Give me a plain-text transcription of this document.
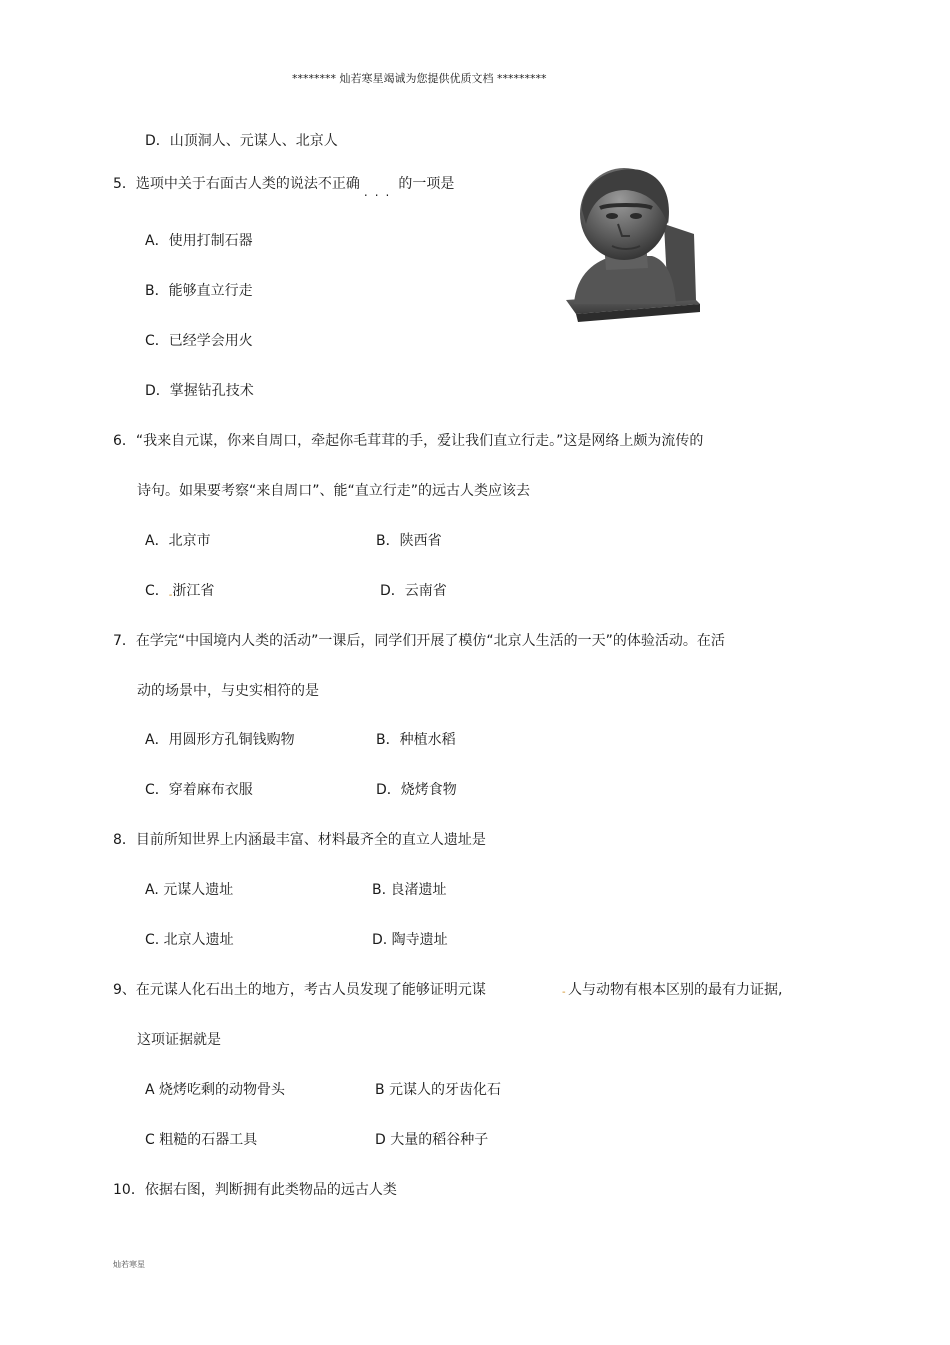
******** 灿若寒星竭诚为您提供优质文档 *********
D．山顶洞人、元谋人、北京人
5．选项中关于右面古人类的说法不正确 ... 的一项是
A．使用打制石器
B．能够直立行走
C．已经学会用火
D．掌握钻孔技术
6．“我来自元谋，你来自周口，牵起你毛茸茸的手，爱让我们直立行走。”这是网络上颇为流传的
诗句。如果要考察“来自周口”、能“直立行走”的远古人类应该去
A．北京市	B．陕西省
C．$_-$浙江省	D．云南省
7．在学完“中国境内人类的活动”一课后，同学们开展了模仿“北京人生活的一天”的体验活动。在活
动的场景中，与史实相符的是
A．用圆形方孔铜钱购物	B．种植水稻
C．穿着麻布衣服	D．烧烤食物
8．目前所知世界上内涵最丰富、材料最齐全的直立人遗址是
A. 元谋人遗址	B. 良渚遗址
C. 北京人遗址	D. 陶寺遗址
9、在元谋人化石出土的地方，考古人员发现了能够证明元谋	- 人与动物有根本区别的最有力证据,
这项证据就是
A 烧烤吃剩的动物骨头	B 元谋人的牙齿化石
C 粗糙的石器工具	D 大量的稻谷种子
10．依据右图，判断拥有此类物品的远古人类
灿若寒星
